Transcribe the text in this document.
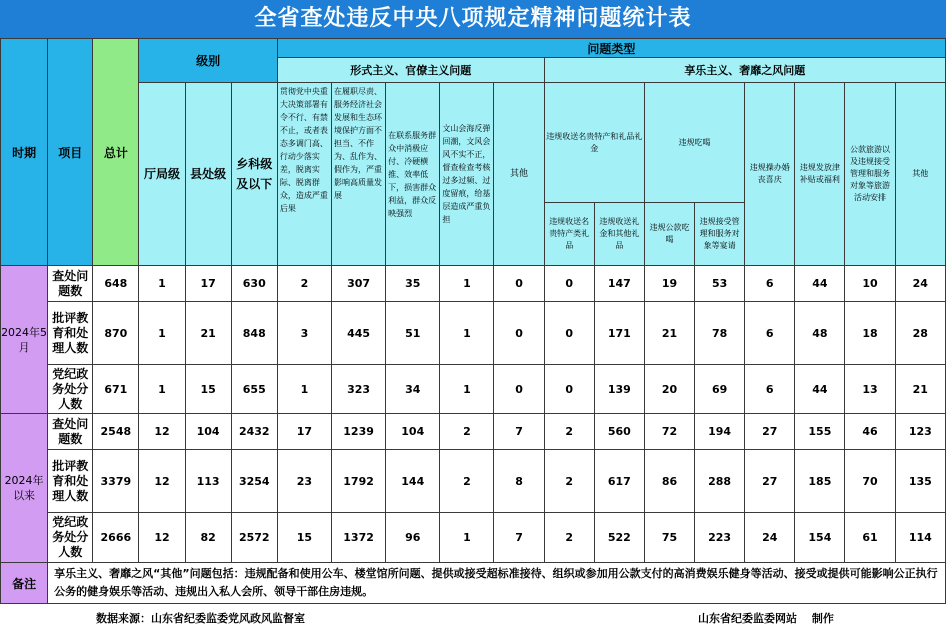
全省查处违反中央八项规定精神问题统计表
时期	项目	总计	级别			问题类型												
						形式主义、官僚主义问题					享乐主义、奢靡之风问题							
			厅局级	县处级	乡科级及以下	贯彻党中央重大决策部署有令不行、有禁不止，或者表态多调门高、行动少落实差，脱离实际、脱离群众，造成严重后果	在履职尽责、服务经济社会发展和生态环境保护方面不担当、不作为、乱作为、假作为，严重影响高质量发展	在联系服务群众中消极应付、冷硬横推、效率低下，损害群众利益，群众反映强烈	文山会海反弹回潮，文风会风不实不正，督查检查考核过多过频、过度留痕，给基层造成严重负担	其他	违规收送名贵特产和礼品礼金		违规吃喝		违规操办婚丧喜庆	违规发放津补贴或福利	公款旅游以及违规接受管理和服务对象等旅游活动安排	其他
											违规收送名贵特产类礼品	违规收送礼金和其他礼品	违规公款吃喝	违规接受管理和服务对象等宴请				
2024年5月	查处问题数	648	1	17	630	2	307	35	1	0	0	147	19	53	6	44	10	24
	批评教育和处理人数	870	1	21	848	3	445	51	1	0	0	171	21	78	6	48	18	28
	党纪政务处分人数	671	1	15	655	1	323	34	1	0	0	139	20	69	6	44	13	21
2024年以来	查处问题数	2548	12	104	2432	17	1239	104	2	7	2	560	72	194	27	155	46	123
	批评教育和处理人数	3379	12	113	3254	23	1792	144	2	8	2	617	86	288	27	185	70	135
	党纪政务处分人数	2666	12	82	2572	15	1372	96	1	7	2	522	75	223	24	154	61	114
备注	享乐主义、奢靡之风“其他”问题包括：违规配备和使用公车、楼堂馆所问题、提供或接受超标准接待、组织或参加用公款支付的高消费娱乐健身等活动、接受或提供可能影响公正执行公务的健身娱乐等活动、违规出入私人会所、领导干部住房违规。																	
数据来源：山东省纪委监委党风政风监督室	山东省纪委监委网站　 制作
